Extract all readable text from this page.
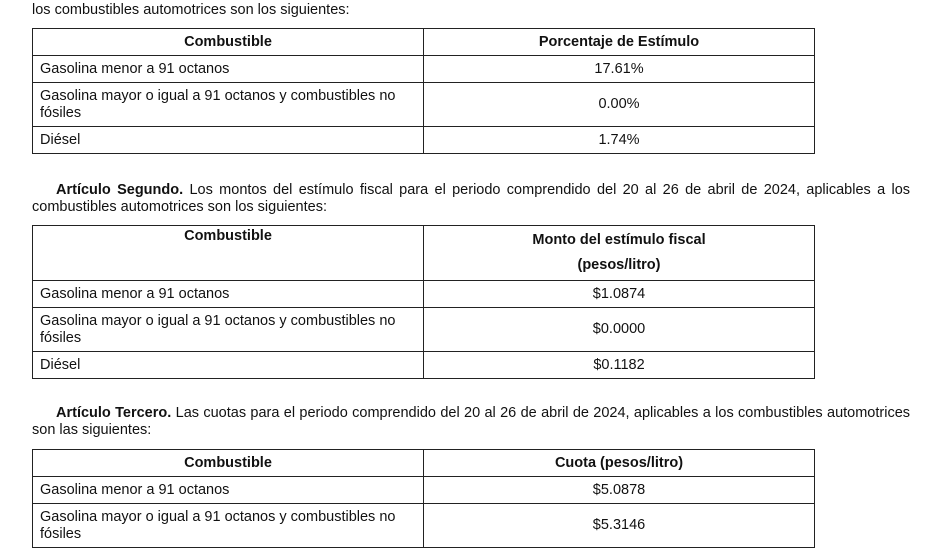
los combustibles automotrices son los siguientes:

Combustible	Porcentaje de Estímulo
Gasolina menor a 91 octanos	17.61%
Gasolina mayor o igual a 91 octanos y combustibles no fósiles	0.00%
Diésel	1.74%

Artículo Segundo. Los montos del estímulo fiscal para el periodo comprendido del 20 al 26 de abril de 2024, aplicables a los combustibles automotrices son los siguientes:

Combustible	Monto del estímulo fiscal
(pesos/litro)

Gasolina menor a 91 octanos	$1.0874
Gasolina mayor o igual a 91 octanos y combustibles no fósiles	$0.0000
Diésel	$0.1182

Artículo Tercero. Las cuotas para el periodo comprendido del 20 al 26 de abril de 2024, aplicables a los combustibles automotrices son las siguientes:

Combustible	Cuota (pesos/litro)
Gasolina menor a 91 octanos	$5.0878
Gasolina mayor o igual a 91 octanos y combustibles no fósiles	$5.3146
